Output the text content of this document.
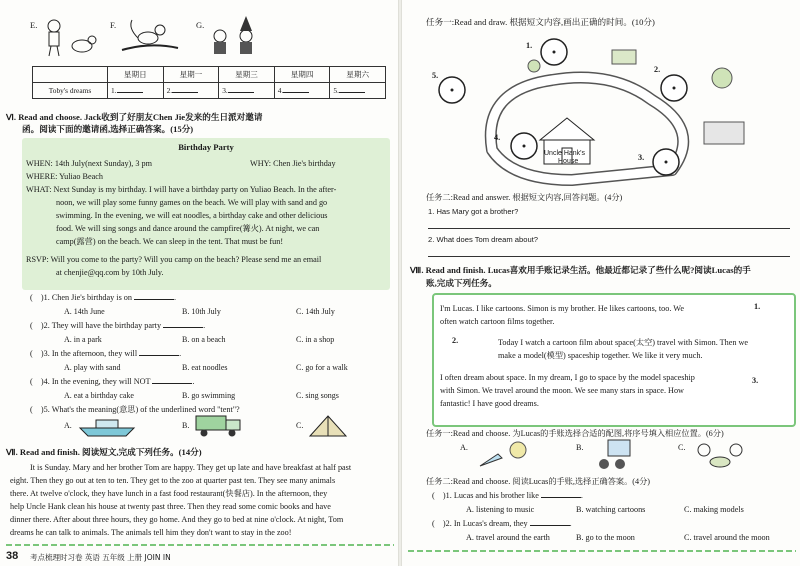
E.	F.	G.
	星期日	星期一	星期三	星期四	星期六
Toby's dreams	1.	2.	3.	4.	5.
Ⅵ. Read and choose. Jack收到了好朋友Chen Jie发来的生日派对邀请
函。阅读下面的邀请函,选择正确答案。(15分)
Birthday Party
WHEN: 14th July(next Sunday), 3 pm	WHY: Chen Jie's birthday
WHERE: Yuliao Beach
WHAT: Next Sunday is my birthday. I will have a birthday party on Yuliao Beach. In the after-
noon, we will play some funny games on the beach. We will play with sand and go
swimming. In the evening, we will eat noodles, a birthday cake and other delicious
food. We will sing songs and dance around the campfire(篝火). At night, we can
camp(露营) on the beach. We can sleep in the tent. That must be fun!
RSVP: Will you come to the party? Will you camp on the beach? Please send me an email
at chenjie@qq.com by 10th July.
(    )1. Chen Jie's birthday is on	.
A. 14th June	B. 10th July	C. 14th July
(    )2. They will have the birthday party	.
A. in a park	B. on a beach	C. in a shop
(    )3. In the afternoon, they will	.
A. play with sand	B. eat noodles	C. go for a walk
(    )4. In the evening, they will NOT	.
A. eat a birthday cake	B. go swimming	C. sing songs
(    )5. What's the meaning(意思) of the underlined word "tent"?
A.	B.	C.
Ⅶ. Read and finish. 阅读短文,完成下列任务。(14分)
It is Sunday. Mary and her brother Tom are happy. They get up late and have breakfast at half past
eight. Then they go out at ten to ten. They get to the zoo at quarter past ten. They see many animals
there. At twelve o'clock, they have lunch in a fast food restaurant(快餐店). In the afternoon, they
help Uncle Hank clean his house at twenty past three. Then they read some comic books and have
dinner there. After about three hours, they go home. And they go to bed at nine o'clock. At night, Tom
dreams he can talk to animals. The animals tell him they don't want to stay in the zoo!
38 考点梳理时习卷 英语 五年级 上册 JOIN IN
任务一:Read and draw. 根据短文内容,画出正确的时间。(10分)
1.
2.
3.
4.
5.
Uncle Hank's
House
任务二:Read and answer. 根据短文内容,回答问题。(4分)
1. Has Mary got a brother?
2. What does Tom dream about?
Ⅷ. Read and finish. Lucas喜欢用手账记录生活。他最近都记录了些什么呢?阅读Lucas的手
账,完成下列任务。
I'm Lucas. I like cartoons. Simon is my brother. He likes cartoons, too. We
often watch cartoon films together.
1.
2.	Today I watch a cartoon film about space(太空) travel with Simon. Then we
make a model(模型) spaceship together. We like it very much.
I often dream about space. In my dream, I go to space by the model spaceship
with Simon. We travel around the moon. We see many stars in space. How
fantastic! I have good dreams.
3.
任务一:Read and choose. 为Lucas的手账选择合适的配图,将序号填入相应位置。(6分)
A.	B.	C.
任务二:Read and choose. 阅读Lucas的手账,选择正确答案。(4分)
(    )1. Lucas and his brother like	.
A. listening to music	B. watching cartoons	C. making models
(    )2. In Lucas's dream, they	.
A. travel around the earth	B. go to the moon	C. travel around the moon
